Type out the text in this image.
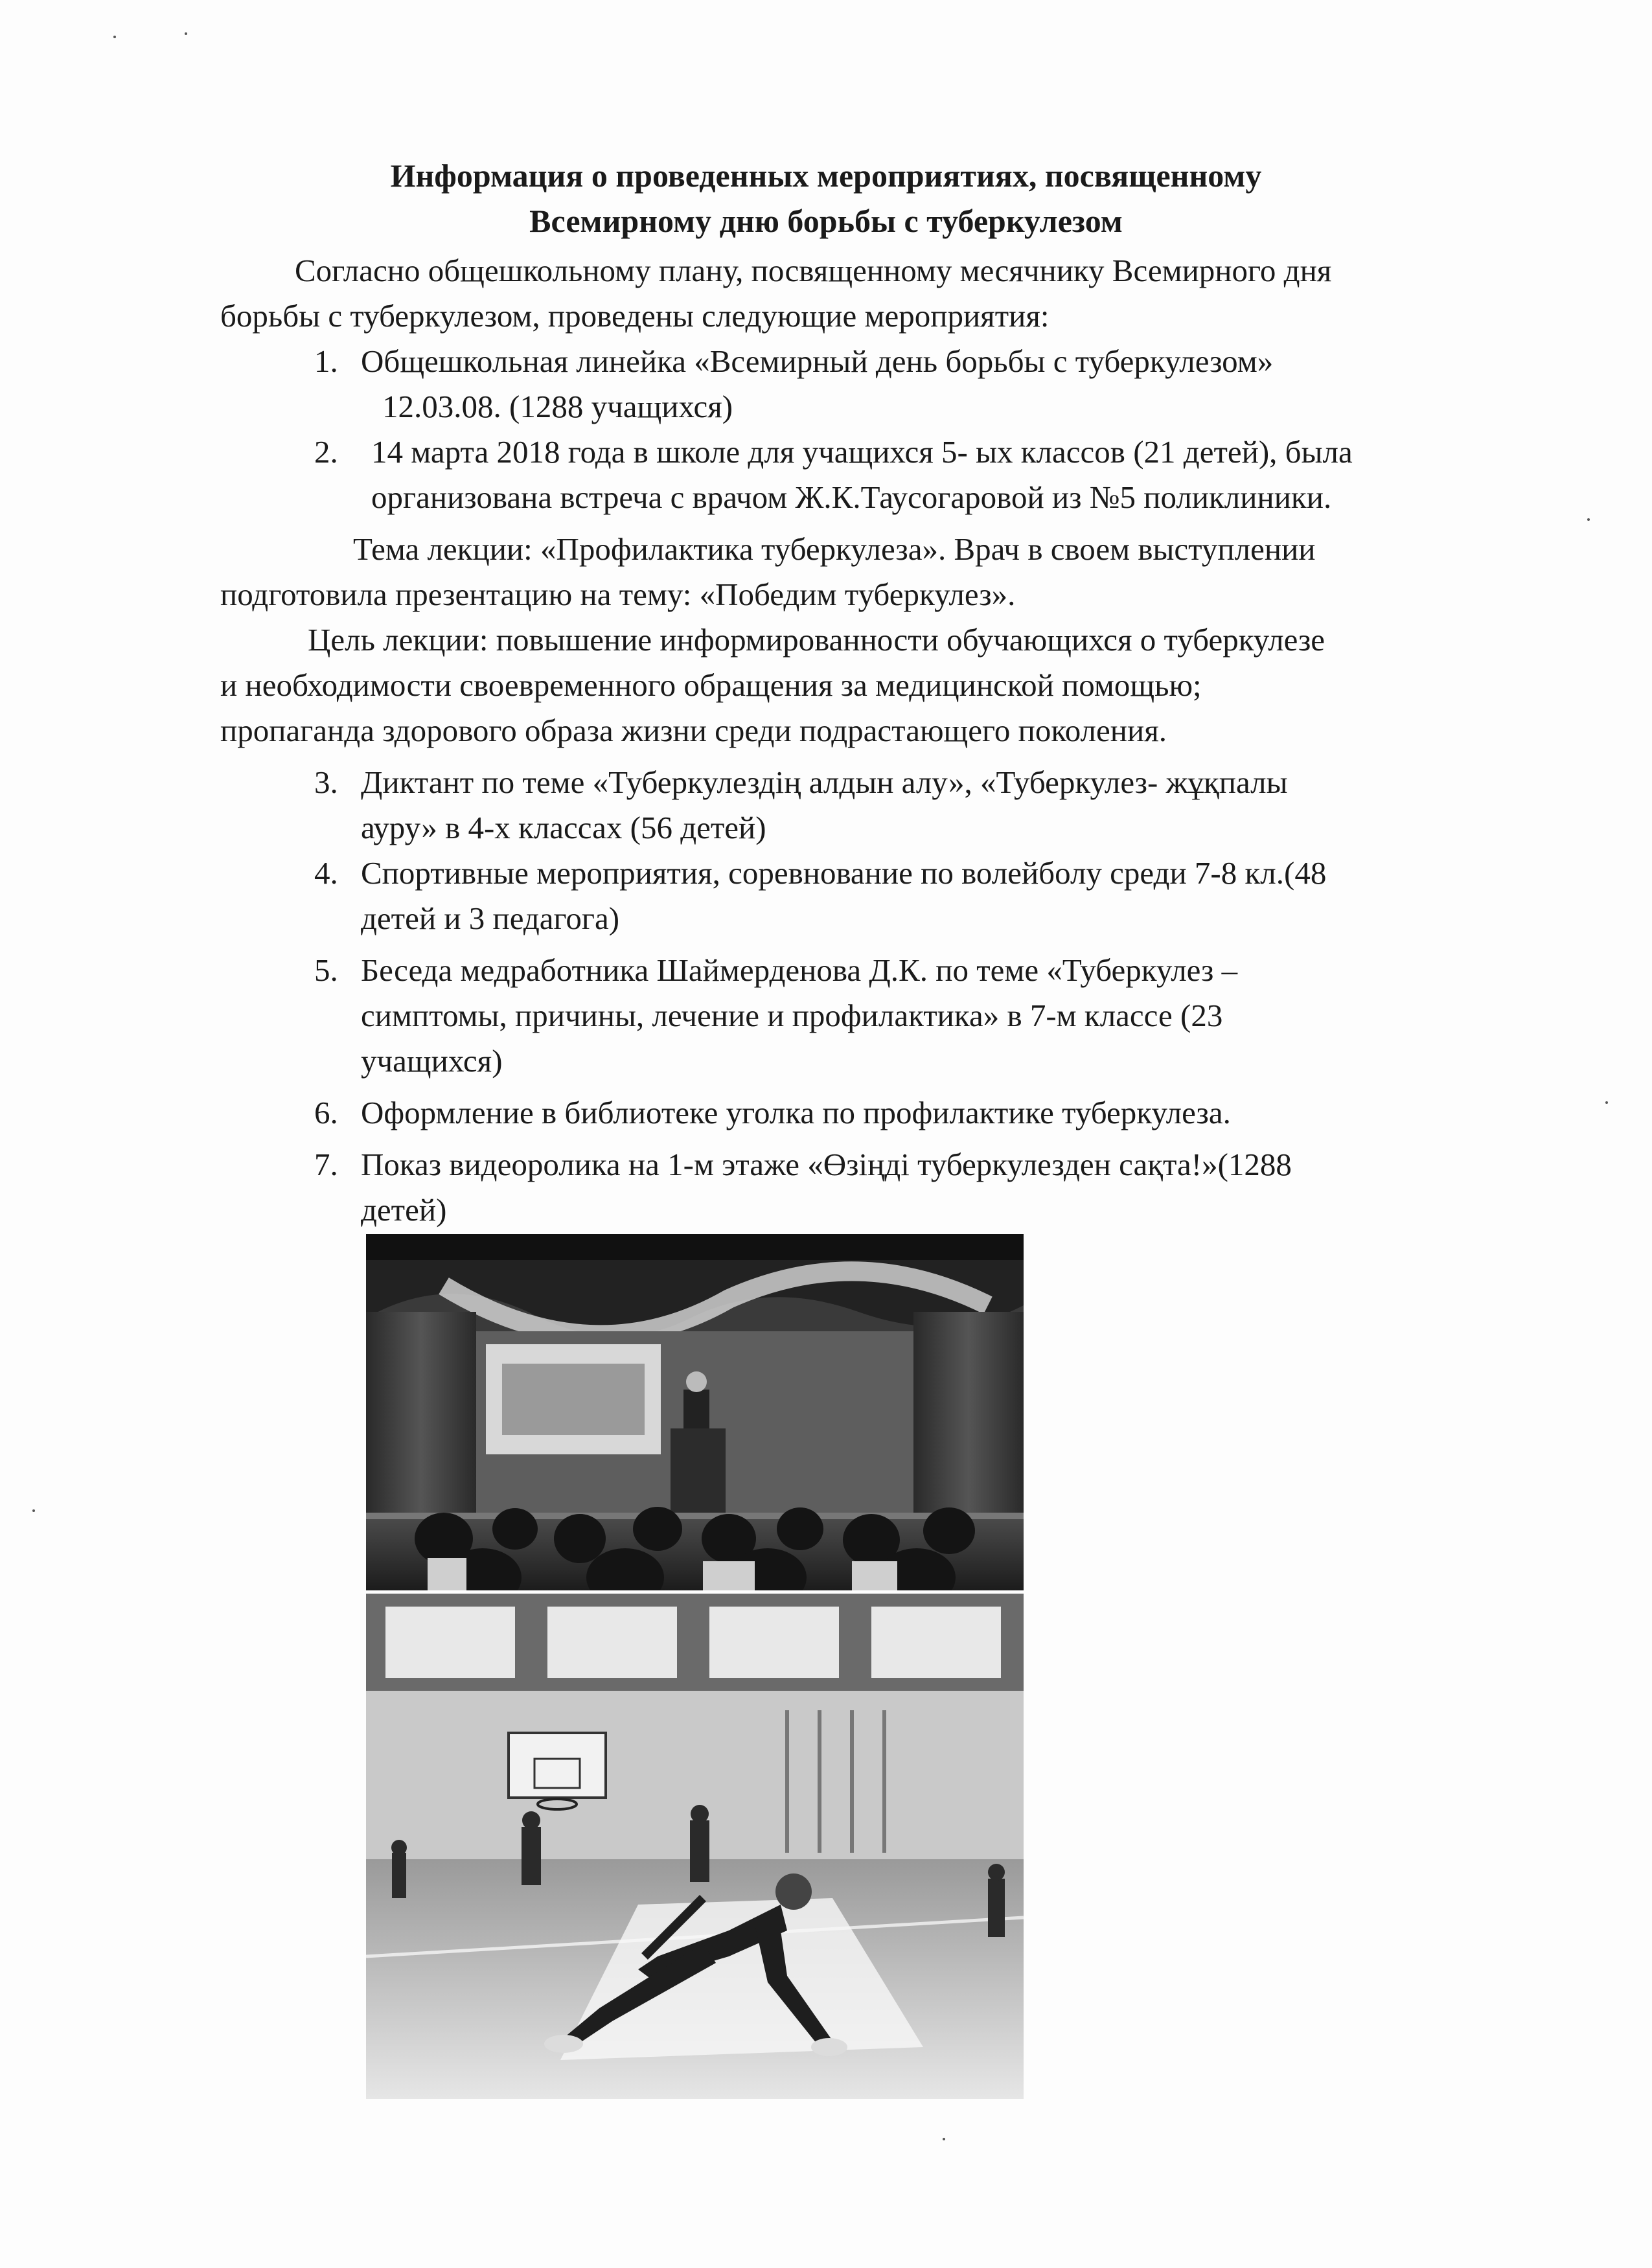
Информация о проведенных мероприятиях, посвященному
Всемирному дню борьбы с туберкулезом
Согласно общешкольному плану, посвященному месячнику Всемирного дня
борьбы с туберкулезом, проведены следующие мероприятия:
1. Общешкольная линейка «Всемирный день борьбы с туберкулезом»
12.03.08. (1288 учащихся)
2. 14 марта 2018 года в школе для учащихся 5- ых классов (21 детей), была
организована встреча с врачом Ж.К.Таусогаровой из №5 поликлиники.
Тема лекции: «Профилактика туберкулеза». Врач в своем выступлении
подготовила презентацию на тему: «Победим туберкулез».
Цель лекции: повышение информированности обучающихся о туберкулезе
и необходимости своевременного обращения за медицинской помощью;
пропаганда здорового образа жизни среди подрастающего поколения.
3. Диктант по теме «Туберкулездің алдын алу», «Туберкулез- жұқпалы
ауру» в 4-х классах (56 детей)
4. Спортивные мероприятия, соревнование по волейболу среди 7-8 кл.(48
детей и 3 педагога)
5. Беседа медработника Шаймерденова Д.К. по теме «Туберкулез –
симптомы, причины, лечение и профилактика» в 7-м классе (23
учащихся)
6. Оформление в библиотеке уголка по профилактике туберкулеза.
7. Показ видеоролика на 1-м этаже «Өзіңді туберкулезден сақта!»(1288
детей)
